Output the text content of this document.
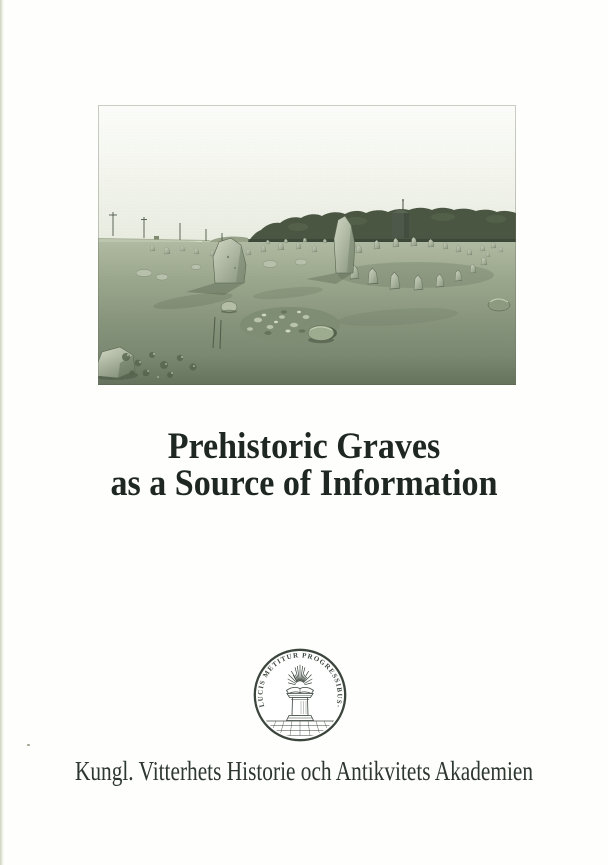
Prehistoric Graves
as a Source of Information
LUCIS METITUR PROGRESSIBUS·
Kungl. Vitterhets Historie och Antikvitets Akademien
